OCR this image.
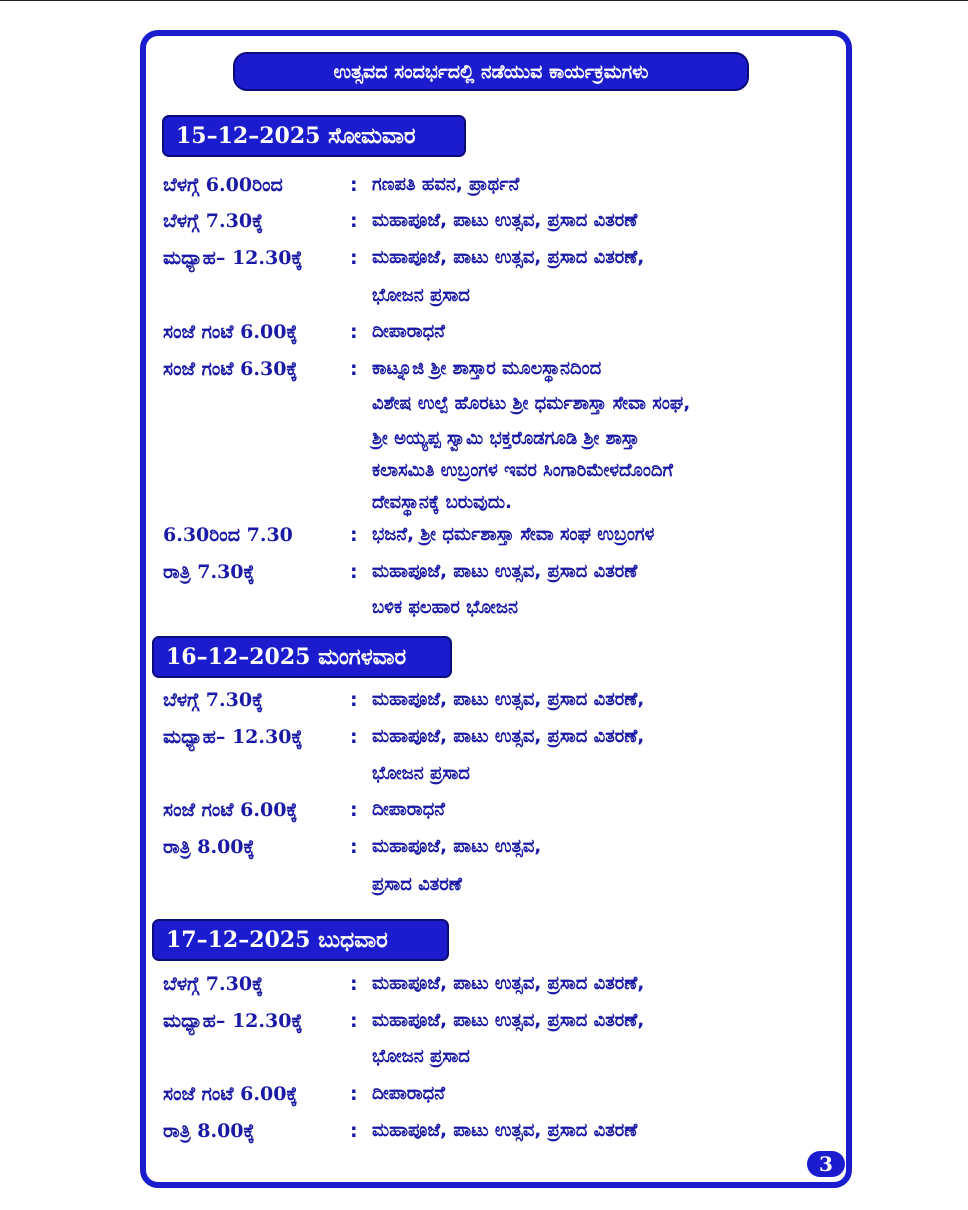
ಉತ್ಸವದ ಸಂದರ್ಭದಲ್ಲಿ ನಡೆಯುವ ಕಾರ್ಯಕ್ರಮಗಳು
15–12–2025 ಸೋಮವಾರ
ಬೆಳಗ್ಗೆ 6.00ರಿಂದ	: ಗಣಪತಿ ಹವನ, ಪ್ರಾರ್ಥನೆ
ಬೆಳಗ್ಗೆ 7.30ಕ್ಕೆ	: ಮಹಾಪೂಜೆ, ಪಾಟು ಉತ್ಸವ, ಪ್ರಸಾದ ವಿತರಣೆ
ಮಧ್ಯಾಹ– 12.30ಕ್ಕೆ : ಮಹಾಪೂಜೆ, ಪಾಟು ಉತ್ಸವ, ಪ್ರಸಾದ ವಿತರಣೆ,
ಭೋಜನ ಪ್ರಸಾದ
ಸಂಜೆ ಗಂಟೆ 6.00ಕ್ಕೆ	: ದೀಪಾರಾಧನೆ
ಸಂಜೆ ಗಂಟೆ 6.30ಕ್ಕೆ	: ಕಾಟ್ನೂಜಿ ಶ್ರೀ ಶಾಸ್ತಾರ ಮೂಲಸ್ಥಾನದಿಂದ
ವಿಶೇಷ ಉಲ್ಪೆ ಹೊರಟು ಶ್ರೀ ಧರ್ಮಶಾಸ್ತಾ ಸೇವಾ ಸಂಘ,
ಶ್ರೀ ಅಯ್ಯಪ್ಪ ಸ್ವಾಮಿ ಭಕ್ತರೊಡಗೂಡಿ ಶ್ರೀ ಶಾಸ್ತಾ
ಕಲಾಸಮಿತಿ ಉಬ್ರಂಗಳ ಇವರ ಸಿಂಗಾರಿಮೇಳದೊಂದಿಗೆ
ದೇವಸ್ಥಾನಕ್ಕೆ ಬರುವುದು.
6.30ರಿಂದ 7.30	: ಭಜನೆ, ಶ್ರೀ ಧರ್ಮಶಾಸ್ತಾ ಸೇವಾ ಸಂಘ ಉಬ್ರಂಗಳ
ರಾತ್ರಿ 7.30ಕ್ಕೆ	: ಮಹಾಪೂಜೆ, ಪಾಟು ಉತ್ಸವ, ಪ್ರಸಾದ ವಿತರಣೆ
ಬಳಿಕ ಫಲಹಾರ ಭೋಜನ
16–12–2025 ಮಂಗಳವಾರ
ಬೆಳಗ್ಗೆ 7.30ಕ್ಕೆ	: ಮಹಾಪೂಜೆ, ಪಾಟು ಉತ್ಸವ, ಪ್ರಸಾದ ವಿತರಣೆ,
ಮಧ್ಯಾಹ– 12.30ಕ್ಕೆ : ಮಹಾಪೂಜೆ, ಪಾಟು ಉತ್ಸವ, ಪ್ರಸಾದ ವಿತರಣೆ,
ಭೋಜನ ಪ್ರಸಾದ
ಸಂಜೆ ಗಂಟೆ 6.00ಕ್ಕೆ	: ದೀಪಾರಾಧನೆ
ರಾತ್ರಿ 8.00ಕ್ಕೆ	: ಮಹಾಪೂಜೆ, ಪಾಟು ಉತ್ಸವ,
ಪ್ರಸಾದ ವಿತರಣೆ
17–12–2025 ಬುಧವಾರ
ಬೆಳಗ್ಗೆ 7.30ಕ್ಕೆ	: ಮಹಾಪೂಜೆ, ಪಾಟು ಉತ್ಸವ, ಪ್ರಸಾದ ವಿತರಣೆ,
ಮಧ್ಯಾಹ– 12.30ಕ್ಕೆ : ಮಹಾಪೂಜೆ, ಪಾಟು ಉತ್ಸವ, ಪ್ರಸಾದ ವಿತರಣೆ,
ಭೋಜನ ಪ್ರಸಾದ
ಸಂಜೆ ಗಂಟೆ 6.00ಕ್ಕೆ	: ದೀಪಾರಾಧನೆ
ರಾತ್ರಿ 8.00ಕ್ಕೆ	: ಮಹಾಪೂಜೆ, ಪಾಟು ಉತ್ಸವ, ಪ್ರಸಾದ ವಿತರಣೆ
3
